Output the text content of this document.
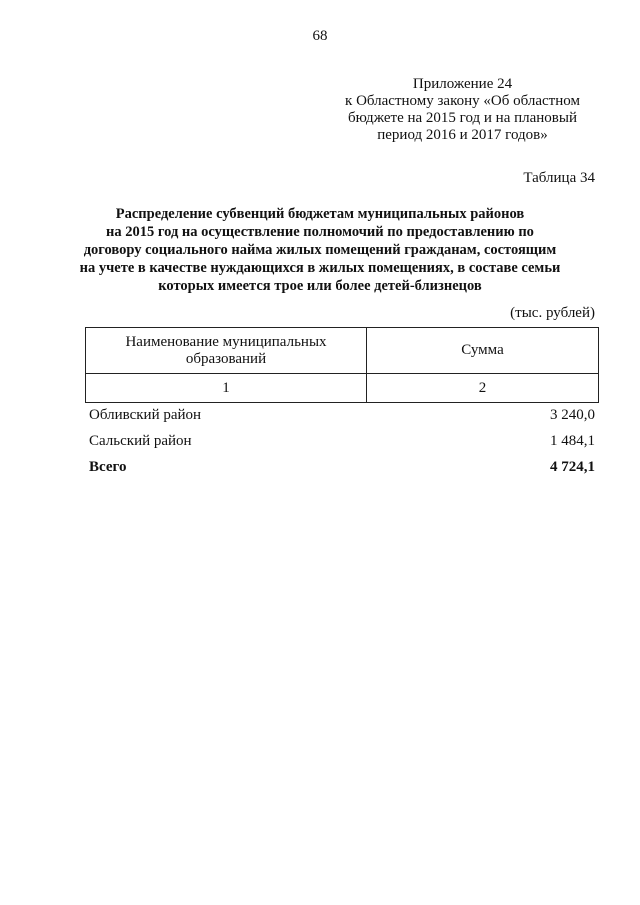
68
Приложение 24
к Областному закону «Об областном
бюджете на 2015 год и на плановый
период 2016 и 2017 годов»
Таблица 34
Распределение субвенций бюджетам муниципальных районов
на 2015 год на осуществление полномочий по предоставлению по
договору социального найма жилых помещений гражданам, состоящим
на учете в качестве нуждающихся в жилых помещениях, в составе семьи
которых имеется трое или более детей-близнецов
(тыс. рублей)
Наименование муниципальных
образований	Сумма
1	2
Обливский район	3 240,0
Сальский район	1 484,1
Всего	4 724,1
